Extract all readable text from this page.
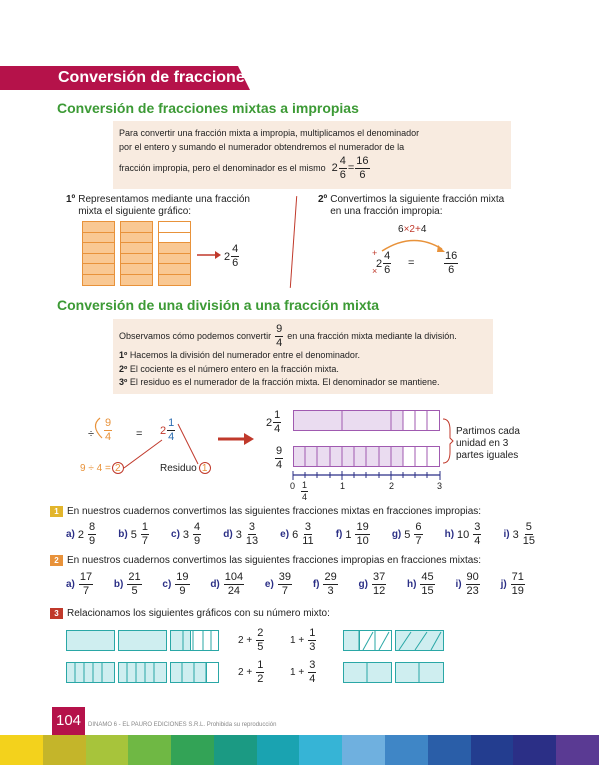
Conversión de fracciones
Conversión de fracciones mixtas a impropias
Para convertir una fracción mixta a impropia, multiplicamos el denominador
por el entero y sumando el numerador obtendremos el numerador de la
fracción impropia, pero el denominador es el mismo $2 \frac{4}{6} = \frac{16}{6}$
1º Representamos mediante una fracción mixta el siguiente gráfico:
$2 \frac{4}{6}$
2º Convertimos la siguiente fracción mixta en una fracción impropia:
6×2+4
+
×
$2 \frac{4}{6}$ =	$\frac{16}{6}$
Conversión de una división a una fracción mixta
Observamos cómo podemos convertir
9
4
en una fracción mixta mediante la división.
1º Hacemos la división del numerador entre el denominador.
2º El cociente es el número entero en la fracción mixta.
3º El residuo es el numerador de la fracción mixta. El denominador se mantiene.
÷ $\frac{9}{4} = 2$
1
4
9 ÷ 4 = 2	Residuo 1
2
1
4
$\frac{9}{4}$
0	1	2	3
$\frac{1}{4}$
Partimos cada unidad en 3 partes iguales
1 En nuestros cuadernos convertimos las siguientes fracciones mixtas en fracciones impropias:
a) $2 \frac{8}{9} b$) $5 \frac{1}{7} c$) $3 \frac{4}{9} d$) $3 \frac{3}{13} e$) $6 \frac{3}{11} f$) $1 \frac{19}{10} g$) $5 \frac{6}{7} h$) $10 \frac{3}{4} i$) $3 \frac{5}{15}$
2 En nuestros cuadernos convertimos las siguientes fracciones impropias en fracciones mixtas:
$a) \frac{17}{7} b) \frac{21}{5} c) \frac{19}{9} d) \frac{104}{24} e) \frac{39}{7} f) \frac{29}{3} g) \frac{37}{12} h) \frac{45}{15} i) \frac{90}{23} j) \frac{71}{19}$
3 Relacionamos los siguientes gráficos con su número mixto:
$2 + \frac{2}{5}$	$1 + \frac{1}{3}$
$2 + \frac{1}{2}$	$1 + \frac{3}{4}$
104 DINAMO 6 - EL PAURO EDICIONES S.R.L. Prohibida su reproducción
